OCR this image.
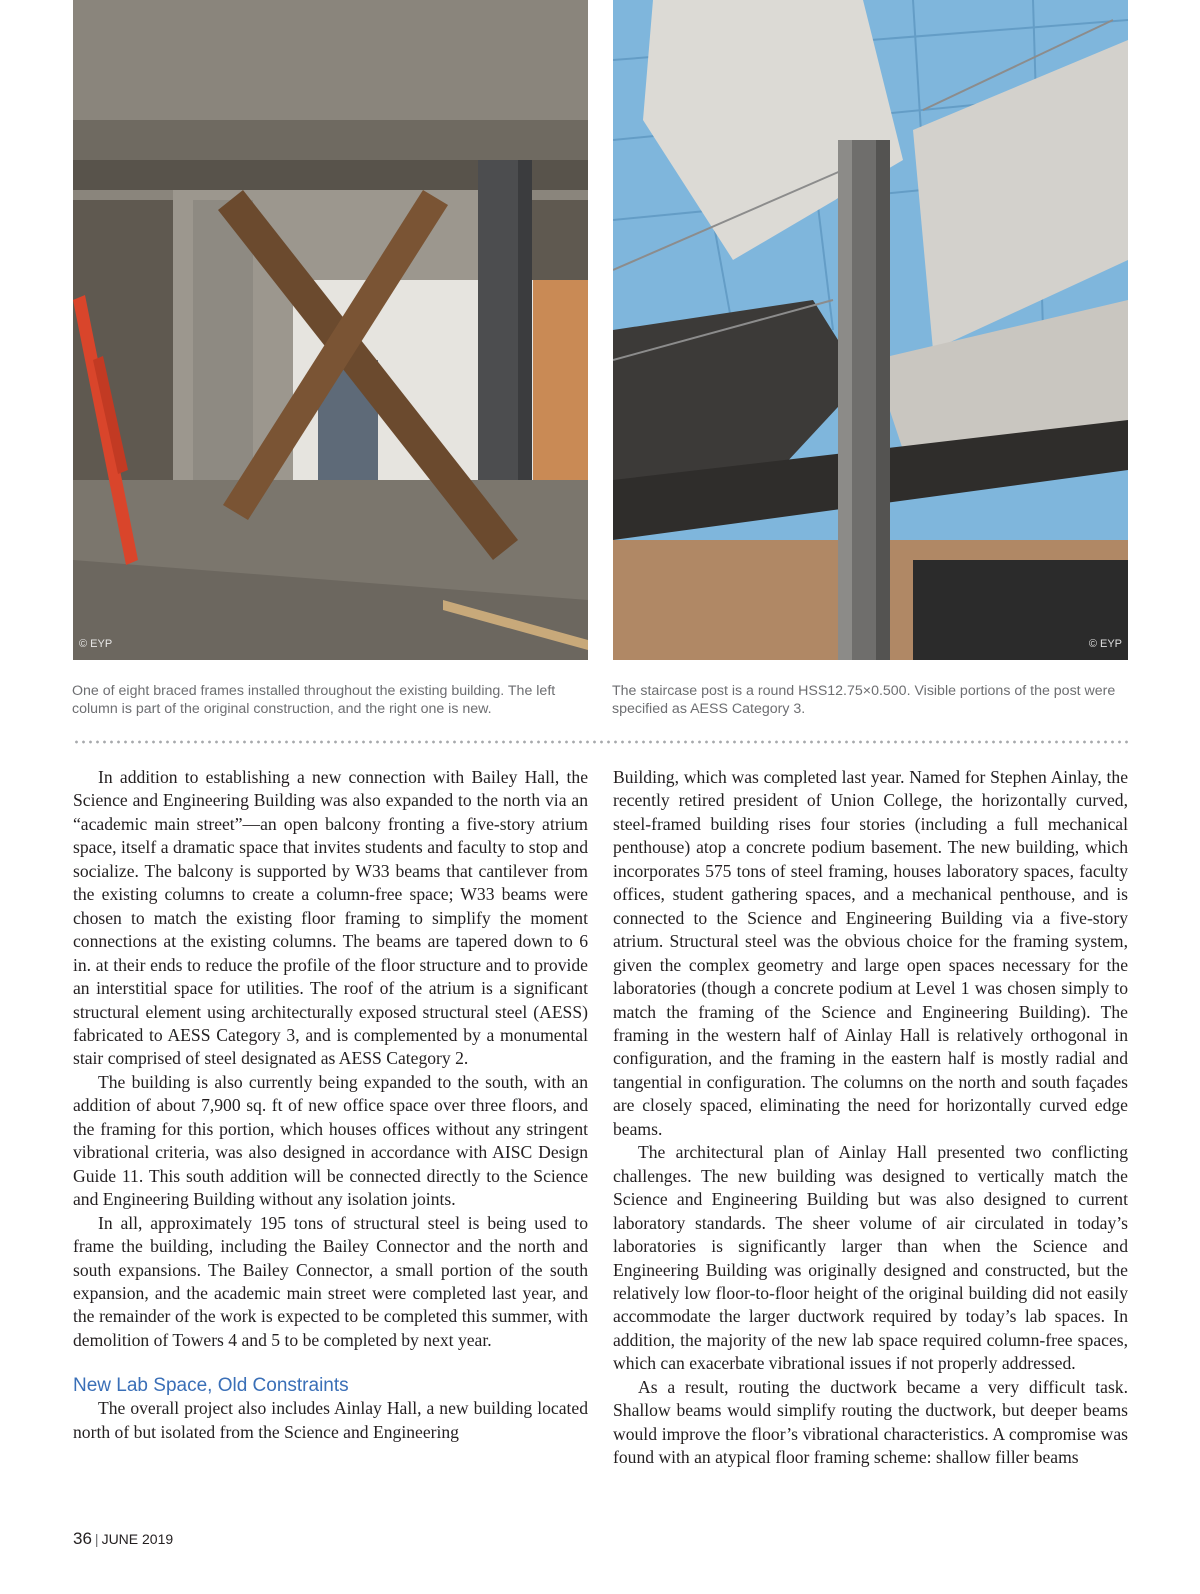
© EYP	© EYP

One of eight braced frames installed throughout the existing building. The left column is part of the original construction, and the right one is new.

The staircase post is a round HSS12.75×0.500. Visible portions of the post were specified as AESS Category 3.

In addition to establishing a new connection with Bailey Hall, the Science and Engineering Building was also expanded to the north via an “academic main street”—an open balcony fronting a five-story atrium space, itself a dramatic space that invites students and faculty to stop and socialize. The balcony is supported by W33 beams that cantilever from the existing columns to create a column-free space; W33 beams were chosen to match the existing floor framing to simplify the moment connections at the existing columns. The beams are tapered down to 6 in. at their ends to reduce the profile of the floor structure and to provide an interstitial space for utilities. The roof of the atrium is a significant structural element using architecturally exposed structural steel (AESS) fabricated to AESS Category 3, and is complemented by a monumental stair comprised of steel designated as AESS Category 2.

The building is also currently being expanded to the south, with an addition of about 7,900 sq. ft of new office space over three floors, and the framing for this portion, which houses offices without any stringent vibrational criteria, was also designed in accordance with AISC Design Guide 11. This south addition will be connected directly to the Science and Engineering Building without any isolation joints.

In all, approximately 195 tons of structural steel is being used to frame the building, including the Bailey Connector and the north and south expansions. The Bailey Connector, a small portion of the south expansion, and the academic main street were completed last year, and the remainder of the work is expected to be completed this summer, with demolition of Towers 4 and 5 to be completed by next year.

New Lab Space, Old Constraints

The overall project also includes Ainlay Hall, a new building located north of but isolated from the Science and Engineering

Building, which was completed last year. Named for Stephen Ainlay, the recently retired president of Union College, the horizontally curved, steel-framed building rises four stories (including a full mechanical penthouse) atop a concrete podium basement. The new building, which incorporates 575 tons of steel framing, houses laboratory spaces, faculty offices, student gathering spaces, and a mechanical penthouse, and is connected to the Science and Engineering Building via a five-story atrium. Structural steel was the obvious choice for the framing system, given the complex geometry and large open spaces necessary for the laboratories (though a concrete podium at Level 1 was chosen simply to match the framing of the Science and Engineering Building). The framing in the western half of Ainlay Hall is relatively orthogonal in configuration, and the framing in the eastern half is mostly radial and tangential in configuration. The columns on the north and south façades are closely spaced, eliminating the need for horizontally curved edge beams.

The architectural plan of Ainlay Hall presented two conflicting challenges. The new building was designed to vertically match the Science and Engineering Building but was also designed to current laboratory standards. The sheer volume of air circulated in today’s laboratories is significantly larger than when the Science and Engineering Building was originally designed and constructed, but the relatively low floor-to-floor height of the original building did not easily accommodate the larger ductwork required by today’s lab spaces. In addition, the majority of the new lab space required column-free spaces, which can exacerbate vibrational issues if not properly addressed.

As a result, routing the ductwork became a very difficult task. Shallow beams would simplify routing the ductwork, but deeper beams would improve the floor’s vibrational characteristics. A compromise was found with an atypical floor framing scheme: shallow filler beams

36 | JUNE 2019
